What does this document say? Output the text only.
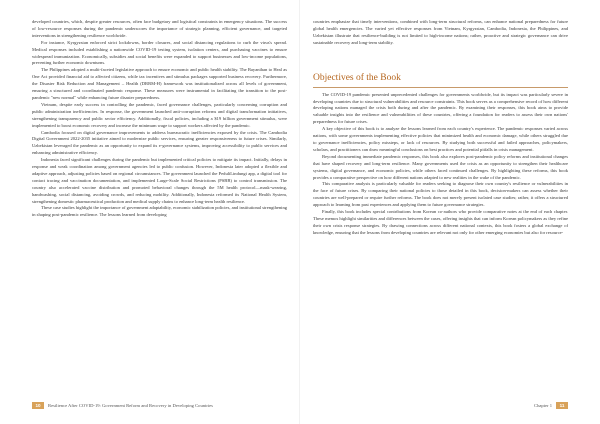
developed countries, which, despite greater resources, often face budgetary and logistical constraints in emergency situations. The success of low-resource responses during the pandemic underscores the importance of strategic planning, efficient governance, and targeted interventions in strengthening resilience worldwide.

For instance, Kyrgyzstan enforced strict lockdowns, border closures, and social distancing regulations to curb the virus's spread. Medical responses included establishing a nationwide COVID-19 testing system, isolation centers, and purchasing vaccines to ensure widespread immunization. Economically, subsidies and social benefits were expanded to support businesses and low-income populations, preventing further economic downturns.

The Philippines adopted a multi-faceted legislative approach to ensure economic and public health stability. The Bayanihan to Heal as One Act provided financial aid to affected citizens, while tax incentives and stimulus packages supported business recovery. Furthermore, the Disaster Risk Reduction and Management – Health (DRRM-H) framework was institutionalized across all levels of government, ensuring a structured and coordinated pandemic response. These measures were instrumental in facilitating the transition to the post-pandemic "new normal" while enhancing future disaster preparedness.

Vietnam, despite early success in controlling the pandemic, faced governance challenges, particularly concerning corruption and public administration inefficiencies. In response, the government launched anti-corruption reforms and digital transformation initiatives, strengthening transparency and public sector efficiency. Additionally, fiscal policies, including a $19 billion government stimulus, were implemented to boost economic recovery and increase the minimum wage to support workers affected by the pandemic.

Cambodia focused on digital governance improvements to address bureaucratic inefficiencies exposed by the crisis. The Cambodia Digital Government 2022-2035 initiative aimed to modernize public services, ensuring greater responsiveness to future crises. Similarly, Uzbekistan leveraged the pandemic as an opportunity to expand its e-governance systems, improving accessibility to public services and enhancing administrative efficiency.

Indonesia faced significant challenges during the pandemic but implemented critical policies to mitigate its impact. Initially, delays in response and weak coordination among government agencies led to public confusion. However, Indonesia later adopted a flexible and adaptive approach, adjusting policies based on regional circumstances. The government launched the PeduliLindungi app, a digital tool for contact tracing and vaccination documentation, and implemented Large-Scale Social Restrictions (PSBB) to control transmission. The country also accelerated vaccine distribution and promoted behavioral changes through the 5M health protocol—mask-wearing, handwashing, social distancing, avoiding crowds, and reducing mobility. Additionally, Indonesia reformed its National Health System, strengthening domestic pharmaceutical production and medical supply chains to enhance long-term health resilience.

These case studies highlight the importance of government adaptability, economic stabilization policies, and institutional strengthening in shaping post-pandemic resilience. The lessons learned from developing

10	Resilience After COVID-19: Government Reform and Recovery in Developing Countries

countries emphasize that timely interventions, combined with long-term structural reforms, can enhance national preparedness for future global health emergencies. The varied yet effective responses from Vietnam, Kyrgyzstan, Cambodia, Indonesia, the Philippines, and Uzbekistan illustrate that resilience-building is not limited to high-income nations; rather, proactive and strategic governance can drive sustainable recovery and long-term stability.

Objectives of the Book

The COVID-19 pandemic presented unprecedented challenges for governments worldwide, but its impact was particularly severe in developing countries due to structural vulnerabilities and resource constraints. This book serves as a comprehensive record of how different developing nations managed the crisis both during and after the pandemic. By examining their responses, this book aims to provide valuable insights into the resilience and vulnerabilities of these countries, offering a foundation for readers to assess their own nations' preparedness for future crises.

A key objective of this book is to analyze the lessons learned from each country's experience. The pandemic responses varied across nations, with some governments implementing effective policies that minimized health and economic damage, while others struggled due to governance inefficiencies, policy missteps, or lack of resources. By studying both successful and failed approaches, policymakers, scholars, and practitioners can draw meaningful conclusions on best practices and potential pitfalls in crisis management.

Beyond documenting immediate pandemic responses, this book also explores post-pandemic policy reforms and institutional changes that have shaped recovery and long-term resilience. Many governments used the crisis as an opportunity to strengthen their healthcare systems, digital governance, and economic policies, while others faced continued challenges. By highlighting these reforms, this book provides a comparative perspective on how different nations adapted to new realities in the wake of the pandemic.

This comparative analysis is particularly valuable for readers seeking to diagnose their own country's resilience or vulnerabilities in the face of future crises. By comparing their national policies to those detailed in this book, decision-makers can assess whether their countries are well-prepared or require further reforms. The book does not merely present isolated case studies; rather, it offers a structured approach to learning from past experiences and applying them to future governance strategies.

Finally, this book includes special contributions from Korean co-authors who provide comparative notes at the end of each chapter. These memos highlight similarities and differences between the cases, offering insights that can inform Korean policymakers as they refine their own crisis response strategies. By drawing connections across different national contexts, this book fosters a global exchange of knowledge, ensuring that the lessons from developing countries are relevant not only for other emerging economies but also for resource-

Chapter 1	11
